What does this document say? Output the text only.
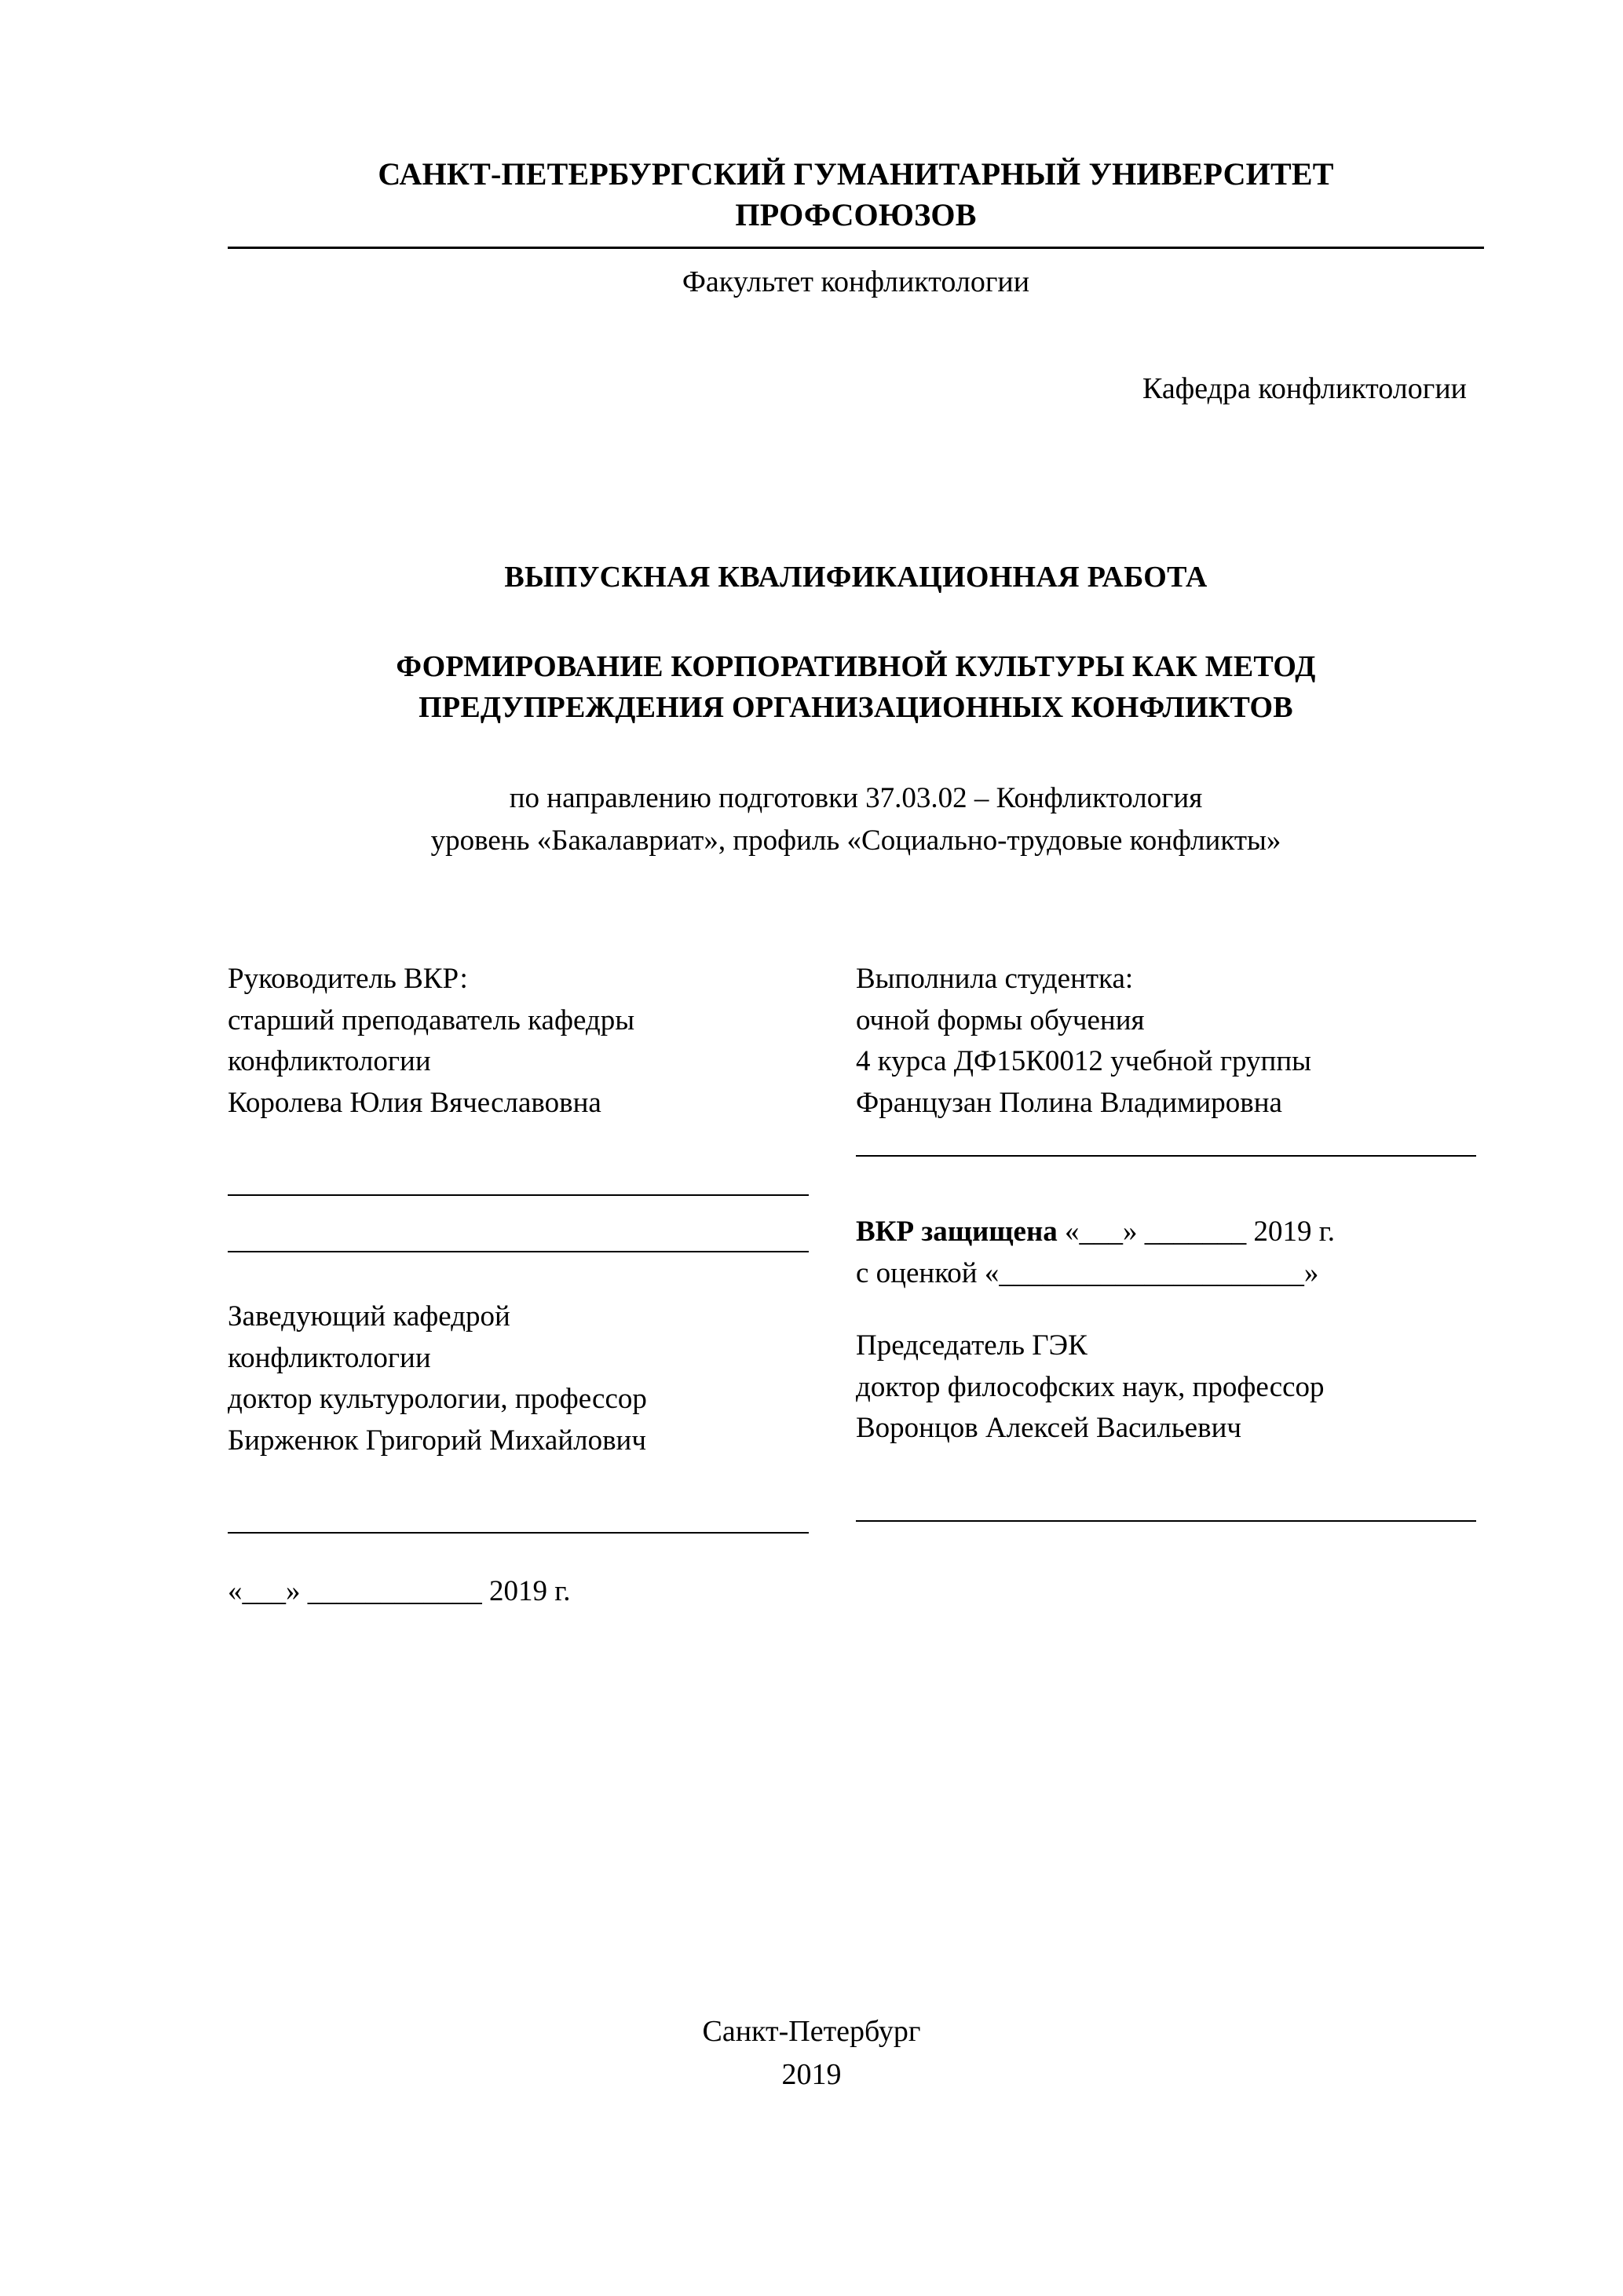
САНКТ-ПЕТЕРБУРГСКИЙ ГУМАНИТАРНЫЙ УНИВЕРСИТЕТ
ПРОФСОЮЗОВ
Факультет конфликтологии
Кафедра конфликтологии
ВЫПУСКНАЯ КВАЛИФИКАЦИОННАЯ РАБОТА
ФОРМИРОВАНИЕ КОРПОРАТИВНОЙ КУЛЬТУРЫ КАК МЕТОД
ПРЕДУПРЕЖДЕНИЯ ОРГАНИЗАЦИОННЫХ КОНФЛИКТОВ
по направлению подготовки 37.03.02 – Конфликтология
уровень «Бакалавриат», профиль «Социально-трудовые конфликты»
Руководитель ВКР:
старший преподаватель кафедры
конфликтологии
Королева Юлия Вячеславовна
Заведующий кафедрой
конфликтологии
доктор культурологии, профессор
Бирженюк Григорий Михайлович
«___» ____________ 2019 г.
Выполнила студентка:
очной формы обучения
4 курса ДФ15К0012 учебной группы
Французан Полина Владимировна
ВКР защищена «___» _______ 2019 г.
с оценкой «_____________________»
Председатель ГЭК
доктор философских наук, профессор
Воронцов Алексей Васильевич
Санкт-Петербург
2019
